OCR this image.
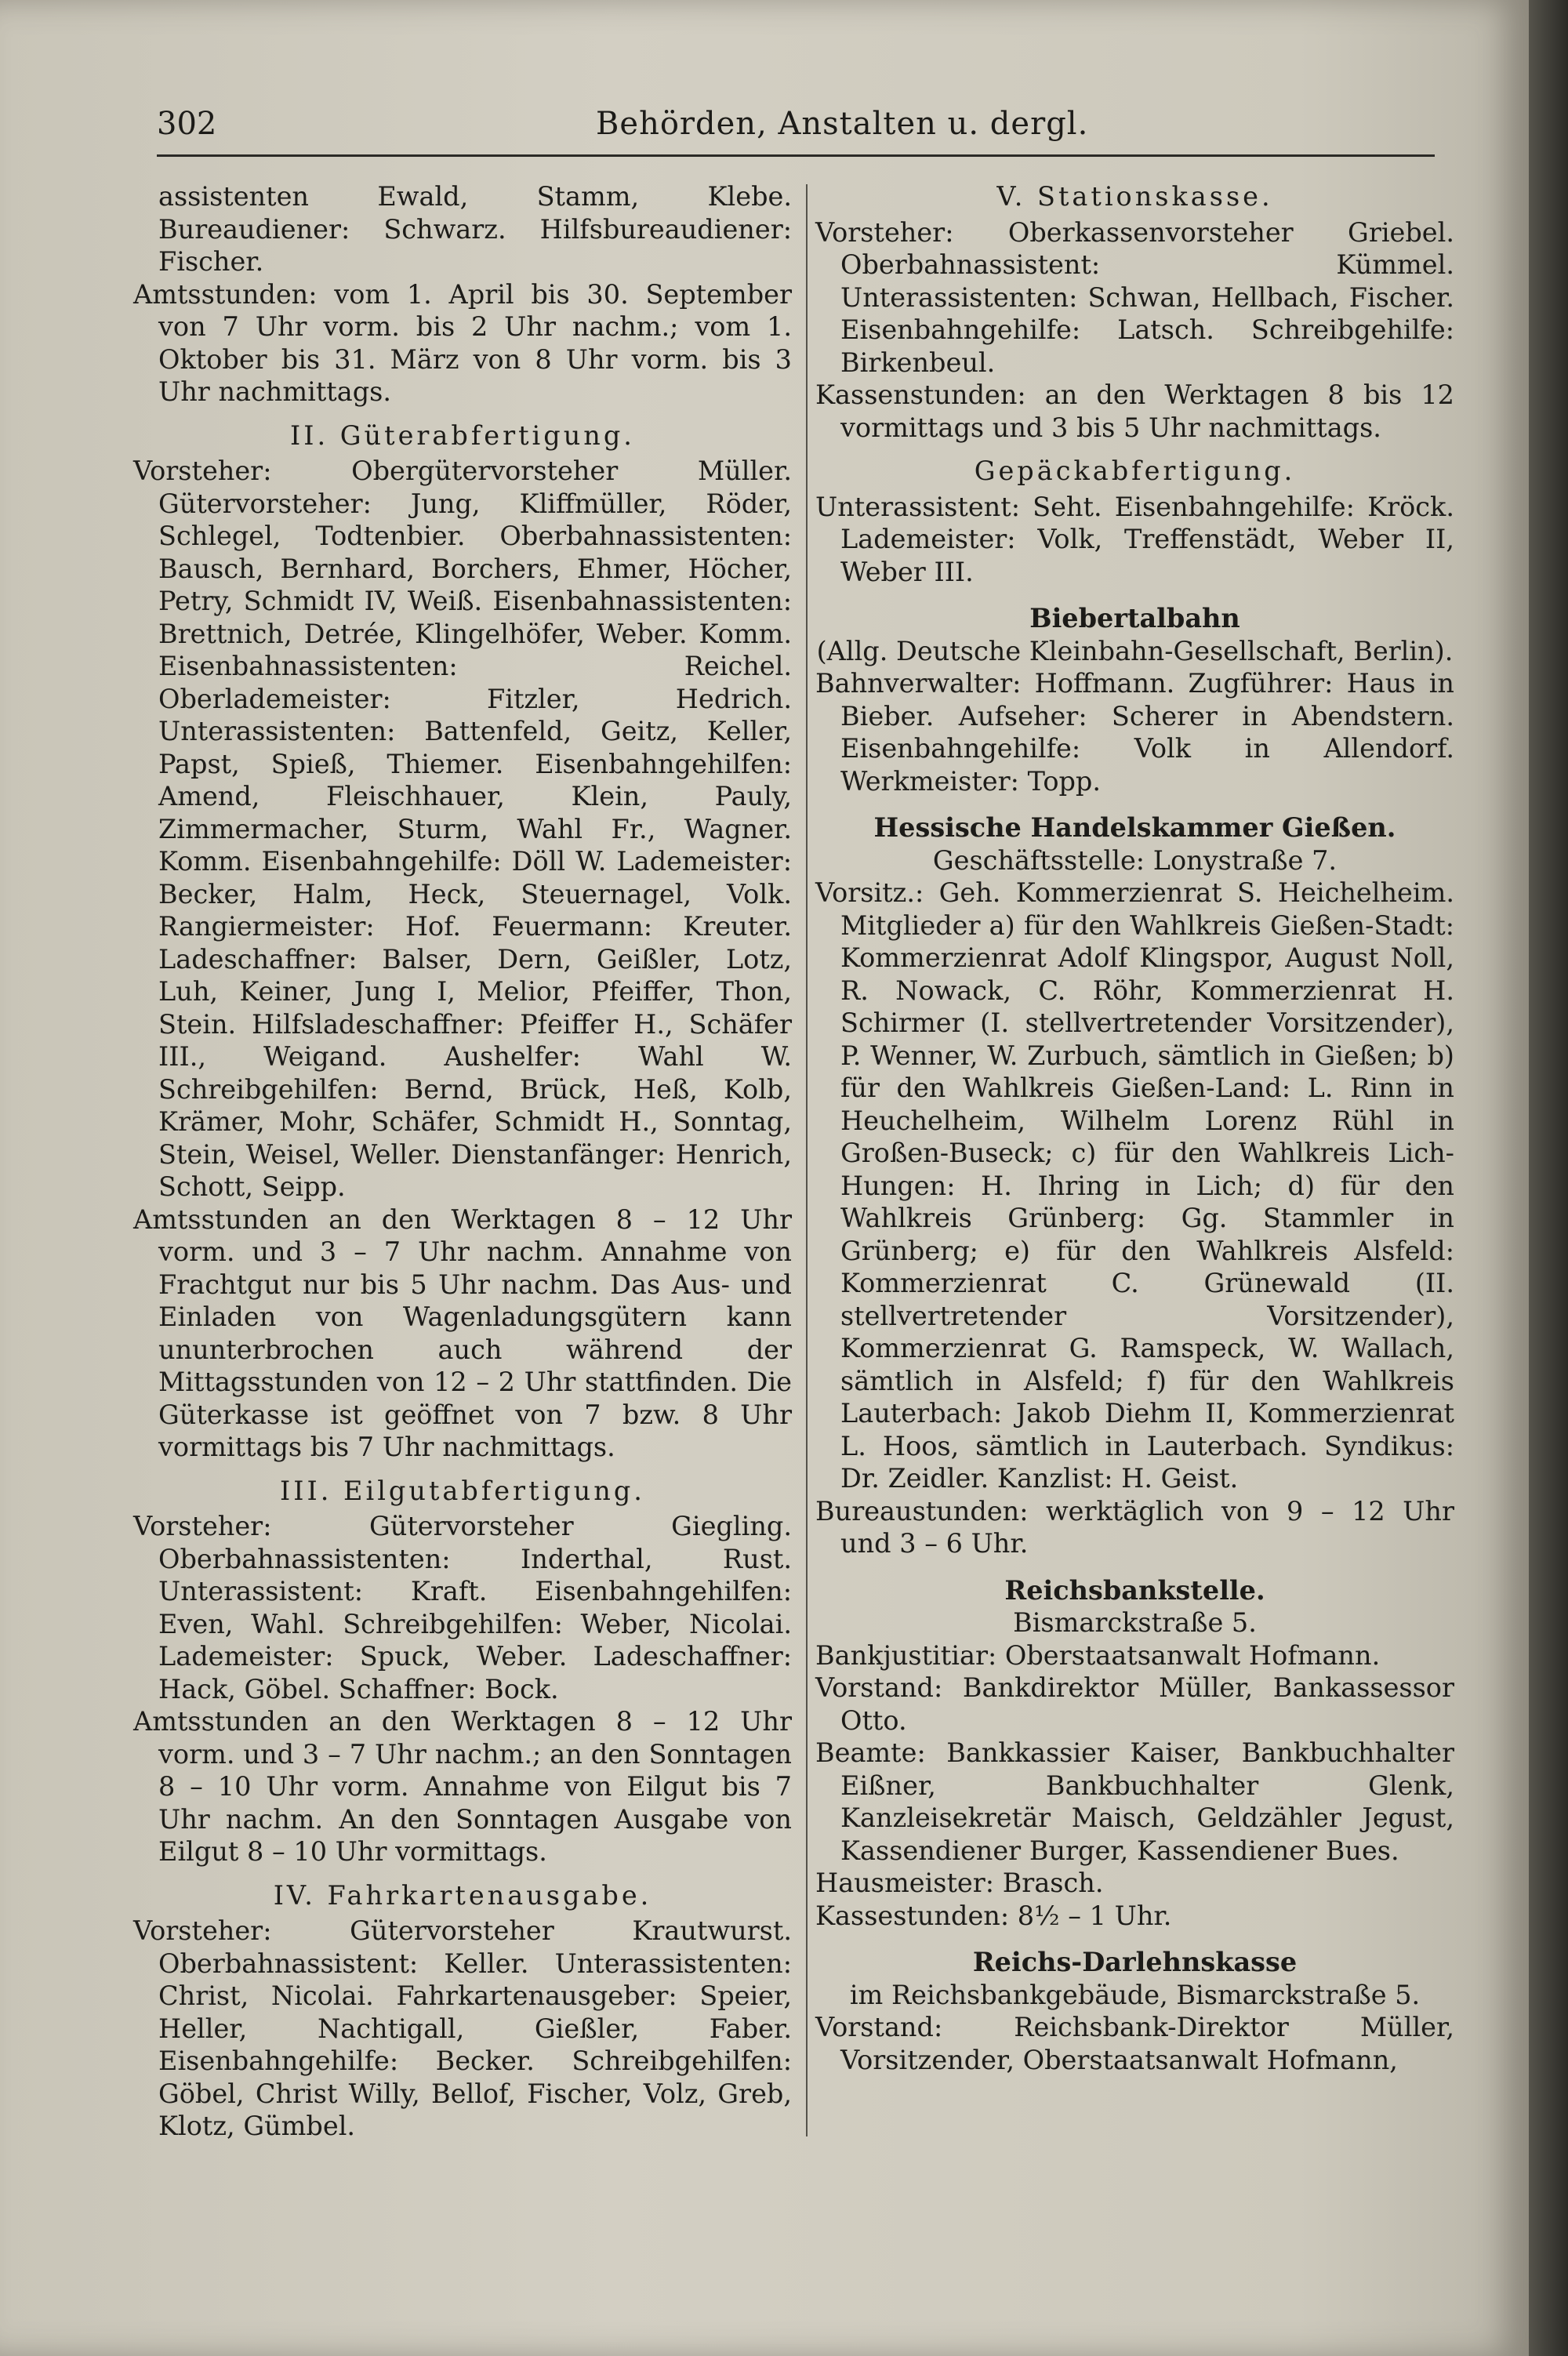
302	Behörden, Anstalten u. dergl.

assistenten Ewald, Stamm, Klebe. Bureaudiener: Schwarz. Hilfsbureaudiener: Fischer.

Amtsstunden: vom 1. April bis 30. September von 7 Uhr vorm. bis 2 Uhr nachm.; vom 1. Oktober bis 31. März von 8 Uhr vorm. bis 3 Uhr nachmittags.

II. Güterabfertigung.

Vorsteher: Obergütervorsteher Müller. Gütervorsteher: Jung, Kliffmüller, Röder, Schlegel, Todtenbier. Oberbahnassistenten: Bausch, Bernhard, Borchers, Ehmer, Höcher, Petry, Schmidt IV, Weiß. Eisenbahnassistenten: Brettnich, Detrée, Klingelhöfer, Weber. Komm. Eisenbahnassistenten: Reichel. Oberlademeister: Fitzler, Hedrich. Unterassistenten: Battenfeld, Geitz, Keller, Papst, Spieß, Thiemer. Eisenbahngehilfen: Amend, Fleischhauer, Klein, Pauly, Zimmermacher, Sturm, Wahl Fr., Wagner. Komm. Eisenbahngehilfe: Döll W. Lademeister: Becker, Halm, Heck, Steuernagel, Volk. Rangiermeister: Hof. Feuermann: Kreuter. Ladeschaffner: Balser, Dern, Geißler, Lotz, Luh, Keiner, Jung I, Melior, Pfeiffer, Thon, Stein. Hilfsladeschaffner: Pfeiffer H., Schäfer III., Weigand. Aushelfer: Wahl W. Schreibgehilfen: Bernd, Brück, Heß, Kolb, Krämer, Mohr, Schäfer, Schmidt H., Sonntag, Stein, Weisel, Weller. Dienstanfänger: Henrich, Schott, Seipp.

Amtsstunden an den Werktagen 8 – 12 Uhr vorm. und 3 – 7 Uhr nachm. Annahme von Frachtgut nur bis 5 Uhr nachm. Das Aus- und Einladen von Wagenladungsgütern kann ununterbrochen auch während der Mittagsstunden von 12 – 2 Uhr stattfinden. Die Güterkasse ist geöffnet von 7 bzw. 8 Uhr vormittags bis 7 Uhr nachmittags.

III. Eilgutabfertigung.

Vorsteher: Gütervorsteher Giegling. Oberbahnassistenten: Inderthal, Rust. Unterassistent: Kraft. Eisenbahngehilfen: Even, Wahl. Schreibgehilfen: Weber, Nicolai. Lademeister: Spuck, Weber. Ladeschaffner: Hack, Göbel. Schaffner: Bock.

Amtsstunden an den Werktagen 8 – 12 Uhr vorm. und 3 – 7 Uhr nachm.; an den Sonntagen 8 – 10 Uhr vorm. Annahme von Eilgut bis 7 Uhr nachm. An den Sonntagen Ausgabe von Eilgut 8 – 10 Uhr vormittags.

IV. Fahrkartenausgabe.

Vorsteher: Gütervorsteher Krautwurst. Oberbahnassistent: Keller. Unterassistenten: Christ, Nicolai. Fahrkartenausgeber: Speier, Heller, Nachtigall, Gießler, Faber. Eisenbahngehilfe: Becker. Schreibgehilfen: Göbel, Christ Willy, Bellof, Fischer, Volz, Greb, Klotz, Gümbel.

V. Stationskasse.

Vorsteher: Oberkassenvorsteher Griebel. Oberbahnassistent: Kümmel. Unterassistenten: Schwan, Hellbach, Fischer. Eisenbahngehilfe: Latsch. Schreibgehilfe: Birkenbeul.

Kassenstunden: an den Werktagen 8 bis 12 vormittags und 3 bis 5 Uhr nachmittags.

Gepäckabfertigung.

Unterassistent: Seht. Eisenbahngehilfe: Kröck. Lademeister: Volk, Treffenstädt, Weber II, Weber III.

Biebertalbahn

(Allg. Deutsche Kleinbahn-Gesellschaft, Berlin).

Bahnverwalter: Hoffmann. Zugführer: Haus in Bieber. Aufseher: Scherer in Abendstern. Eisenbahngehilfe: Volk in Allendorf. Werkmeister: Topp.

Hessische Handelskammer Gießen.

Geschäftsstelle: Lonystraße 7.

Vorsitz.: Geh. Kommerzienrat S. Heichelheim. Mitglieder a) für den Wahlkreis Gießen-Stadt: Kommerzienrat Adolf Klingspor, August Noll, R. Nowack, C. Röhr, Kommerzienrat H. Schirmer (I. stellvertretender Vorsitzender), P. Wenner, W. Zurbuch, sämtlich in Gießen; b) für den Wahlkreis Gießen-Land: L. Rinn in Heuchelheim, Wilhelm Lorenz Rühl in Großen-Buseck; c) für den Wahlkreis Lich-Hungen: H. Ihring in Lich; d) für den Wahlkreis Grünberg: Gg. Stammler in Grünberg; e) für den Wahlkreis Alsfeld: Kommerzienrat C. Grünewald (II. stellvertretender Vorsitzender), Kommerzienrat G. Ramspeck, W. Wallach, sämtlich in Alsfeld; f) für den Wahlkreis Lauterbach: Jakob Diehm II, Kommerzienrat L. Hoos, sämtlich in Lauterbach. Syndikus: Dr. Zeidler. Kanzlist: H. Geist.

Bureaustunden: werktäglich von 9 – 12 Uhr und 3 – 6 Uhr.

Reichsbankstelle.

Bismarckstraße 5.

Bankjustitiar: Oberstaatsanwalt Hofmann.

Vorstand: Bankdirektor Müller, Bankassessor Otto.

Beamte: Bankkassier Kaiser, Bankbuchhalter Eißner, Bankbuchhalter Glenk, Kanzleisekretär Maisch, Geldzähler Jegust, Kassendiener Burger, Kassendiener Bues.

Hausmeister: Brasch.

Kassestunden: 8½ – 1 Uhr.

Reichs-Darlehnskasse

im Reichsbankgebäude, Bismarckstraße 5.

Vorstand: Reichsbank-Direktor Müller, Vorsitzender, Oberstaatsanwalt Hofmann,
